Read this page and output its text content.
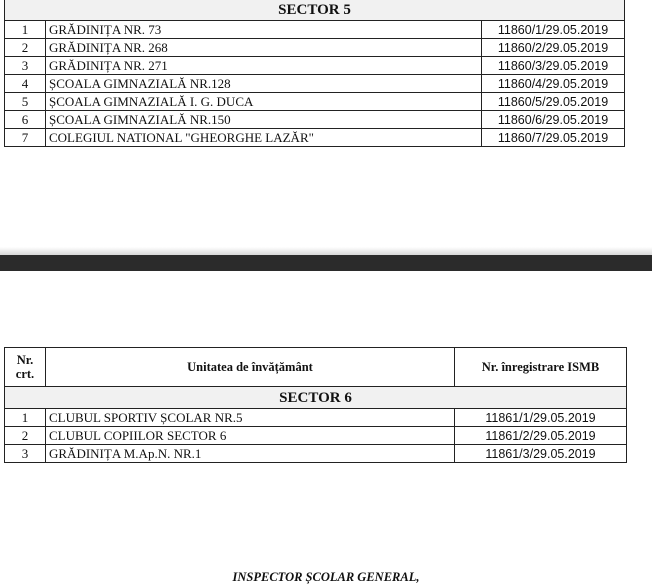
SECTOR 5		
1	GRĂDINIȚA NR. 73	11860/1/29.05.2019
2	GRĂDINIȚA NR. 268	11860/2/29.05.2019
3	GRĂDINIȚA NR. 271	11860/3/29.05.2019
4	ȘCOALA GIMNAZIALĂ NR.128	11860/4/29.05.2019
5	ȘCOALA GIMNAZIALĂ I. G. DUCA	11860/5/29.05.2019
6	ȘCOALA GIMNAZIALĂ NR.150	11860/6/29.05.2019
7	COLEGIUL NATIONAL "GHEORGHE LAZĂR"	11860/7/29.05.2019
Nr. crt.	Unitatea de învățământ	Nr. înregistrare ISMB
SECTOR 6		
1	CLUBUL SPORTIV ȘCOLAR NR.5	11861/1/29.05.2019
2	CLUBUL COPIILOR SECTOR 6	11861/2/29.05.2019
3	GRĂDINIȚA M.Ap.N. NR.1	11861/3/29.05.2019
INSPECTOR ȘCOLAR GENERAL,
